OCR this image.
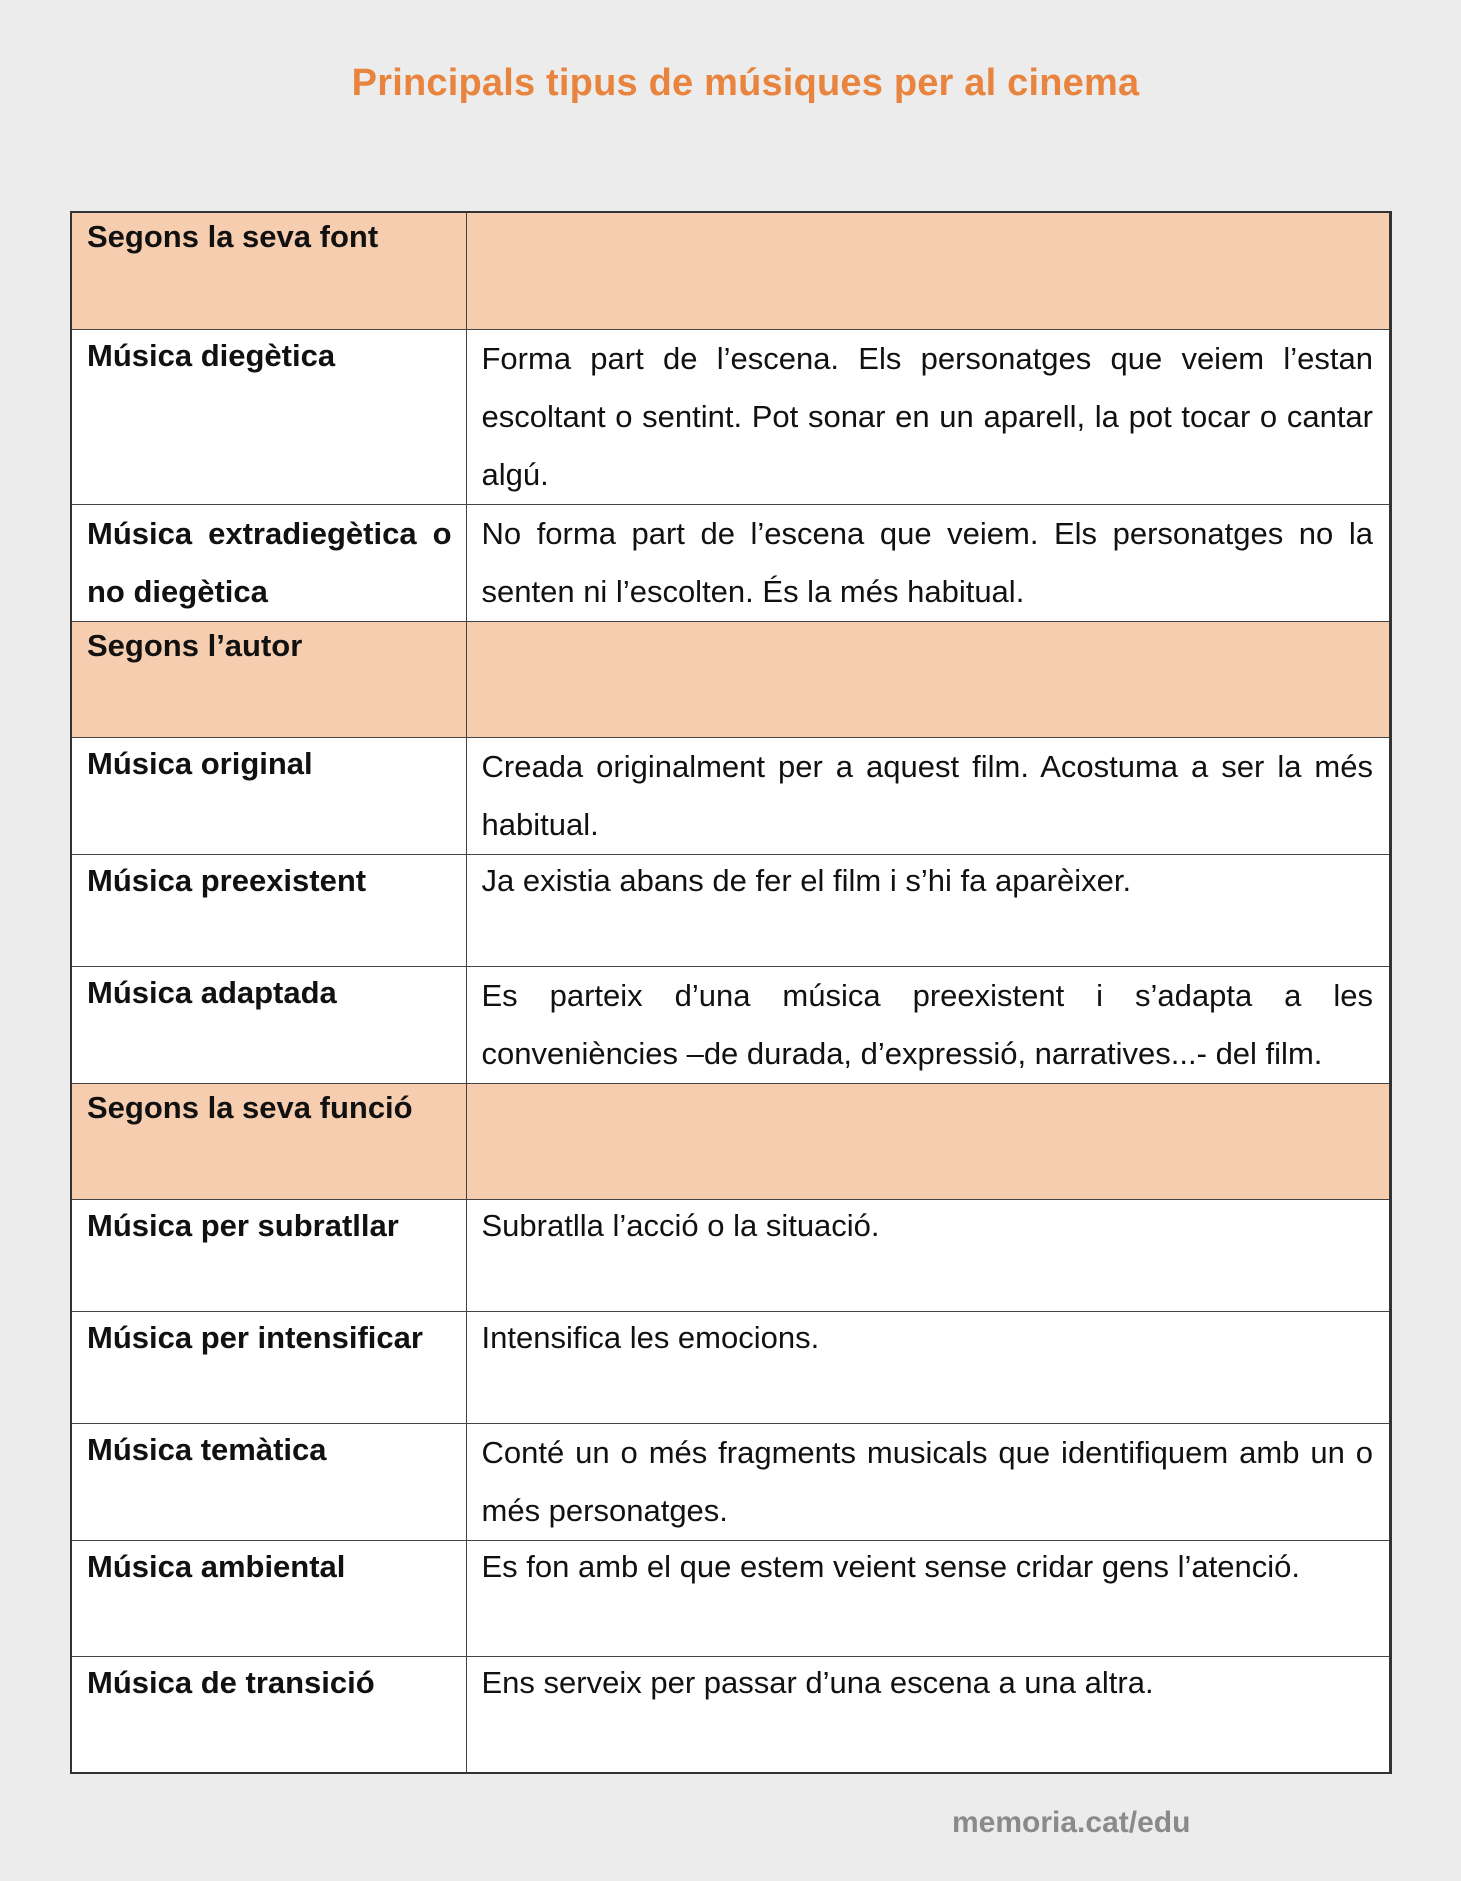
Principals tipus de músiques per al cinema
Segons la seva font	

Música diegètica	Forma part de l’escena. Els personatges que veiem l’estan escoltant o sentint. Pot sonar en un aparell, la pot tocar o cantar algú.

Música extradiegètica o no diegètica	No forma part de l’escena que veiem. Els personatges no la senten ni l’escolten. És la més habitual.

Segons l’autor	

Música original	Creada originalment per a aquest film. Acostuma a ser la més habitual.

Música preexistent	Ja existia abans de fer el film i s’hi fa aparèixer.

Música adaptada	Es parteix d’una música preexistent i s’adapta a les conveniències –de durada, d’expressió, narratives...- del film.

Segons la seva funció	

Música per subratllar	Subratlla l’acció o la situació.

Música per intensificar	Intensifica les emocions.

Música temàtica	Conté un o més fragments musicals que identifiquem amb un o més personatges.

Música ambiental	Es fon amb el que estem veient sense cridar gens l’atenció.

Música de transició	Ens serveix per passar d’una escena a una altra.
memoria.cat/edu
